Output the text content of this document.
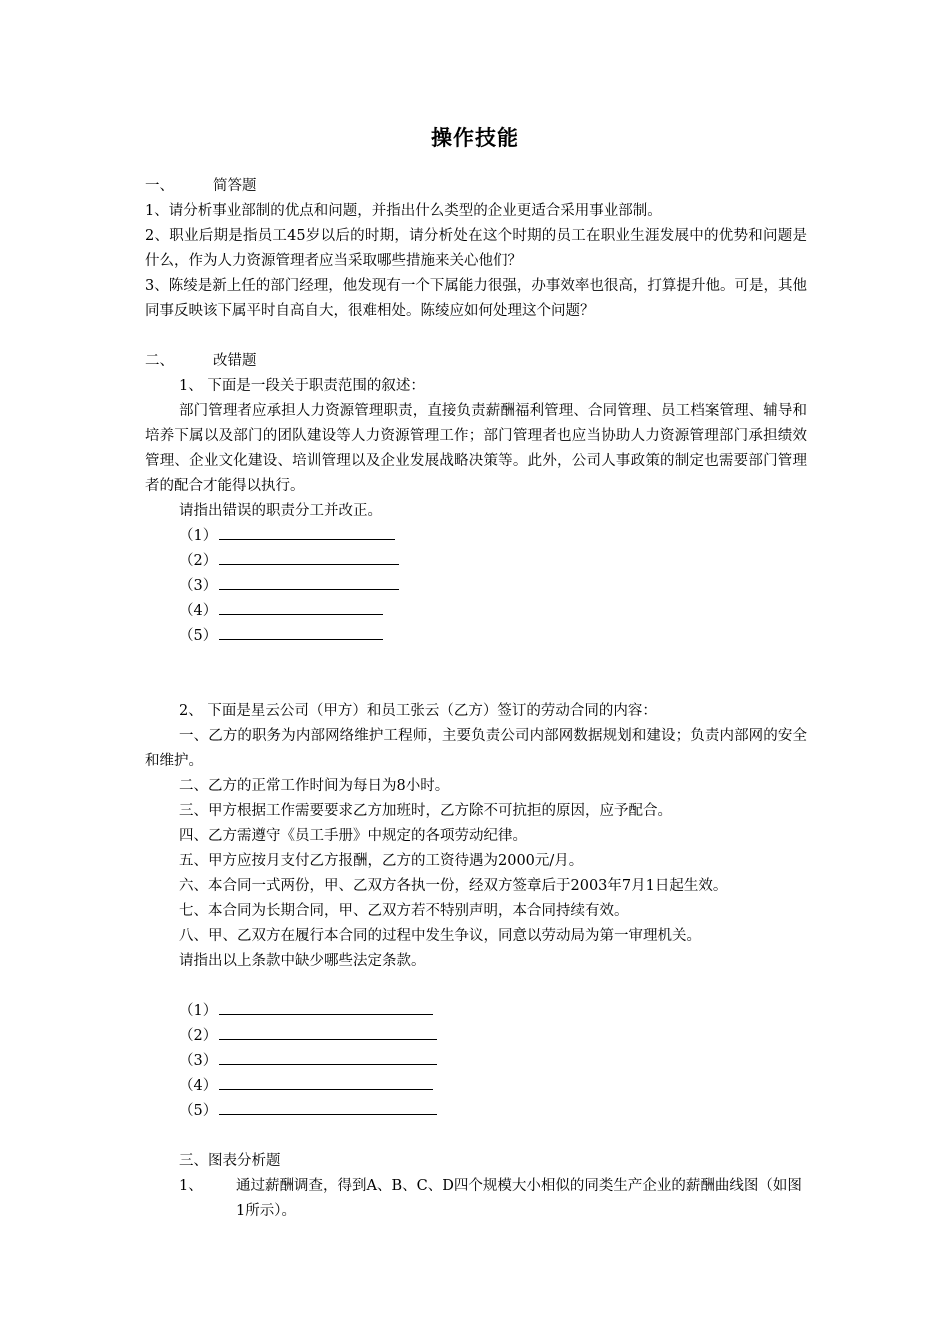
操作技能

一、	简答题

1、请分析事业部制的优点和问题，并指出什么类型的企业更适合采用事业部制。

2、职业后期是指员工45岁以后的时期，请分析处在这个时期的员工在职业生涯发展中的优势和问题是什么，作为人力资源管理者应当采取哪些措施来关心他们？

3、陈绫是新上任的部门经理，他发现有一个下属能力很强，办事效率也很高，打算提升他。可是，其他同事反映该下属平时自高自大，很难相处。陈绫应如何处理这个问题？

二、	改错题

1、 下面是一段关于职责范围的叙述：

部门管理者应承担人力资源管理职责，直接负责薪酬福利管理、合同管理、员工档案管理、辅导和培养下属以及部门的团队建设等人力资源管理工作；部门管理者也应当协助人力资源管理部门承担绩效管理、企业文化建设、培训管理以及企业发展战略决策等。此外，公司人事政策的制定也需要部门管理者的配合才能得以执行。

请指出错误的职责分工并改正。

（1）

（2）

（3）

（4）

（5）

2、 下面是星云公司（甲方）和员工张云（乙方）签订的劳动合同的内容：

一、乙方的职务为内部网络维护工程师，主要负责公司内部网数据规划和建设；负责内部网的安全和维护。

二、乙方的正常工作时间为每日为8小时。

三、甲方根据工作需要要求乙方加班时，乙方除不可抗拒的原因，应予配合。

四、乙方需遵守《员工手册》中规定的各项劳动纪律。

五、甲方应按月支付乙方报酬，乙方的工资待遇为2000元/月。

六、本合同一式两份，甲、乙双方各执一份，经双方签章后于2003年7月1日起生效。

七、本合同为长期合同，甲、乙双方若不特别声明，本合同持续有效。

八、甲、乙双方在履行本合同的过程中发生争议，同意以劳动局为第一审理机关。

请指出以上条款中缺少哪些法定条款。

（1）

（2）

（3）

（4）

（5）

三、图表分析题

1、	通过薪酬调查，得到A、B、C、D四个规模大小相似的同类生产企业的薪酬曲线图（如图1所示）。
